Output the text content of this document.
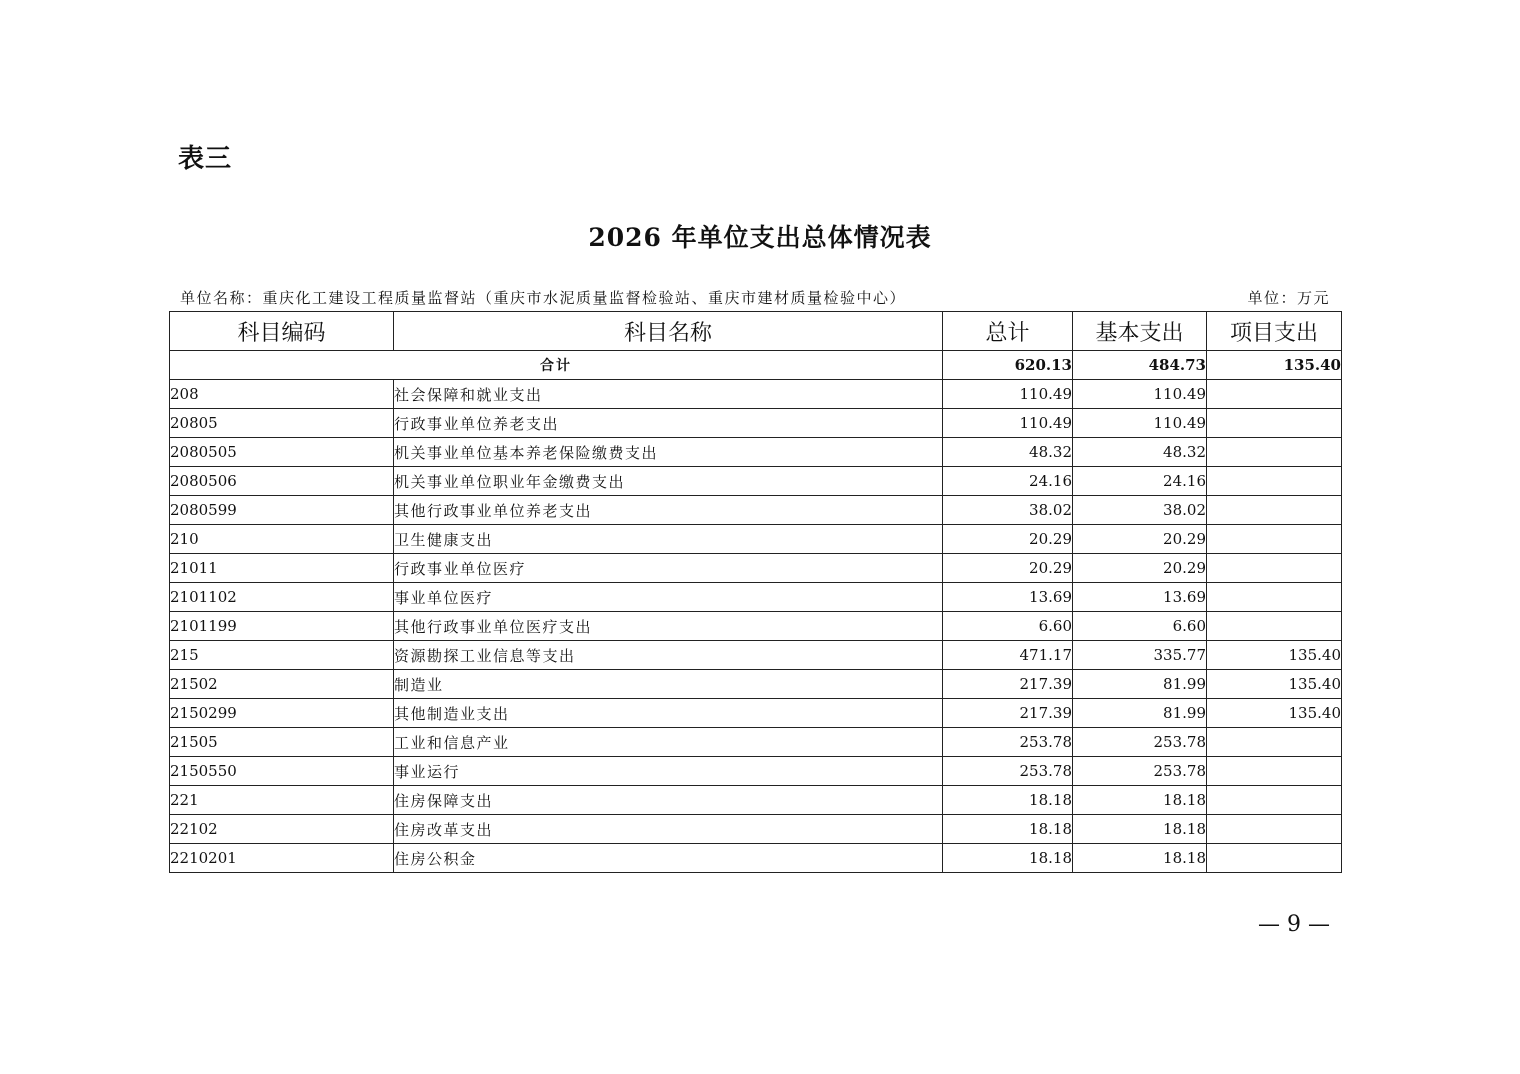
表三
2026 年单位支出总体情况表
单位名称：重庆化工建设工程质量监督站（重庆市水泥质量监督检验站、重庆市建材质量检验中心）	单位：万元
科目编码	科目名称	总计	基本支出	项目支出
合计		620.13	484.73	135.40
208	社会保障和就业支出	110.49	110.49	
20805	行政事业单位养老支出	110.49	110.49	
2080505	机关事业单位基本养老保险缴费支出	48.32	48.32	
2080506	机关事业单位职业年金缴费支出	24.16	24.16	
2080599	其他行政事业单位养老支出	38.02	38.02	
210	卫生健康支出	20.29	20.29	
21011	行政事业单位医疗	20.29	20.29	
2101102	事业单位医疗	13.69	13.69	
2101199	其他行政事业单位医疗支出	6.60	6.60	
215	资源勘探工业信息等支出	471.17	335.77	135.40
21502	制造业	217.39	81.99	135.40
2150299	其他制造业支出	217.39	81.99	135.40
21505	工业和信息产业	253.78	253.78	
2150550	事业运行	253.78	253.78	
221	住房保障支出	18.18	18.18	
22102	住房改革支出	18.18	18.18	
2210201	住房公积金	18.18	18.18	
— 9 —
